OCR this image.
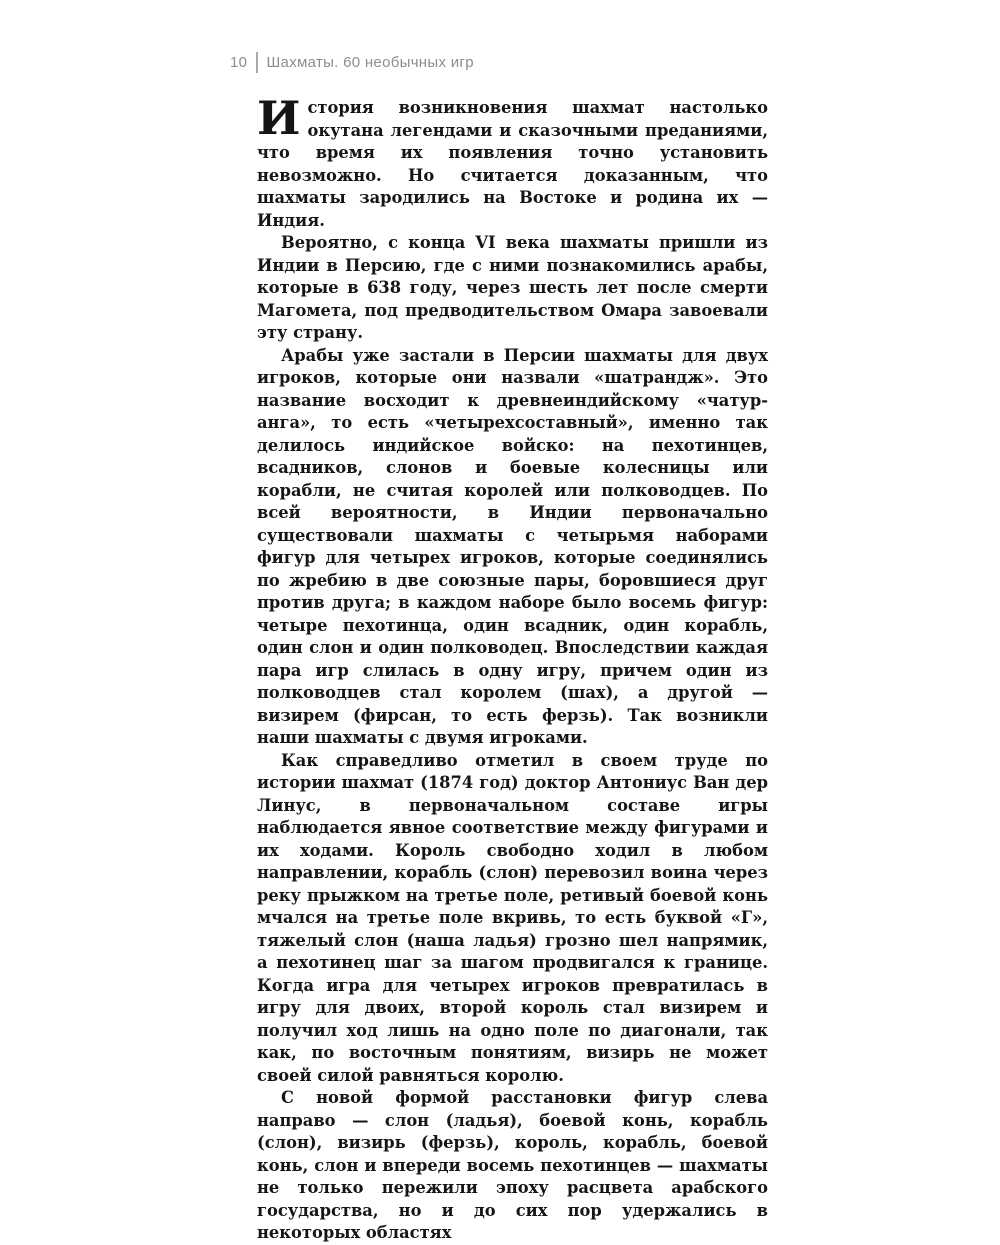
10 Шахматы. 60 необычных игр

История возникновения шахмат настолько окутана легендами и сказочными преданиями, что время их появления точно установить невозможно. Но считается доказанным, что шахматы зародились на Востоке и родина их — Индия.

Вероятно, с конца VI века шахматы пришли из Индии в Персию, где с ними познакомились арабы, которые в 638 году, через шесть лет после смерти Магомета, под предводительством Омара завоевали эту страну.

Арабы уже застали в Персии шахматы для двух игроков, которые они назвали «шатрандж». Это название восходит к древнеиндийскому «чатур-анга», то есть «четырехсоставный», именно так делилось индийское войско: на пехотинцев, всадников, слонов и боевые колесницы или корабли, не считая королей или полководцев. По всей вероятности, в Индии первоначально существовали шахматы с четырьмя наборами фигур для четырех игроков, которые соединялись по жребию в две союзные пары, боровшиеся друг против друга; в каждом наборе было восемь фигур: четыре пехотинца, один всадник, один корабль, один слон и один полководец. Впоследствии каждая пара игр слилась в одну игру, причем один из полководцев стал королем (шах), а другой — визирем (фирсан, то есть ферзь). Так возникли наши шахматы с двумя игроками.

Как справедливо отметил в своем труде по истории шахмат (1874 год) доктор Антониус Ван дер Линус, в первоначальном составе игры наблюдается явное соответствие между фигурами и их ходами. Король свободно ходил в любом направлении, корабль (слон) перевозил воина через реку прыжком на третье поле, ретивый боевой конь мчался на третье поле вкривь, то есть буквой «Г», тяжелый слон (наша ладья) грозно шел напрямик, а пехотинец шаг за шагом продвигался к границе. Когда игра для четырех игроков превратилась в игру для двоих, второй король стал визирем и получил ход лишь на одно поле по диагонали, так как, по восточным понятиям, визирь не может своей силой равняться королю.

С новой формой расстановки фигур слева направо — слон (ладья), боевой конь, корабль (слон), визирь (ферзь), король, корабль, боевой конь, слон и впереди восемь пехотинцев — шахматы не только пережили эпоху расцвета арабского государства, но и до сих пор удержались в некоторых областях
